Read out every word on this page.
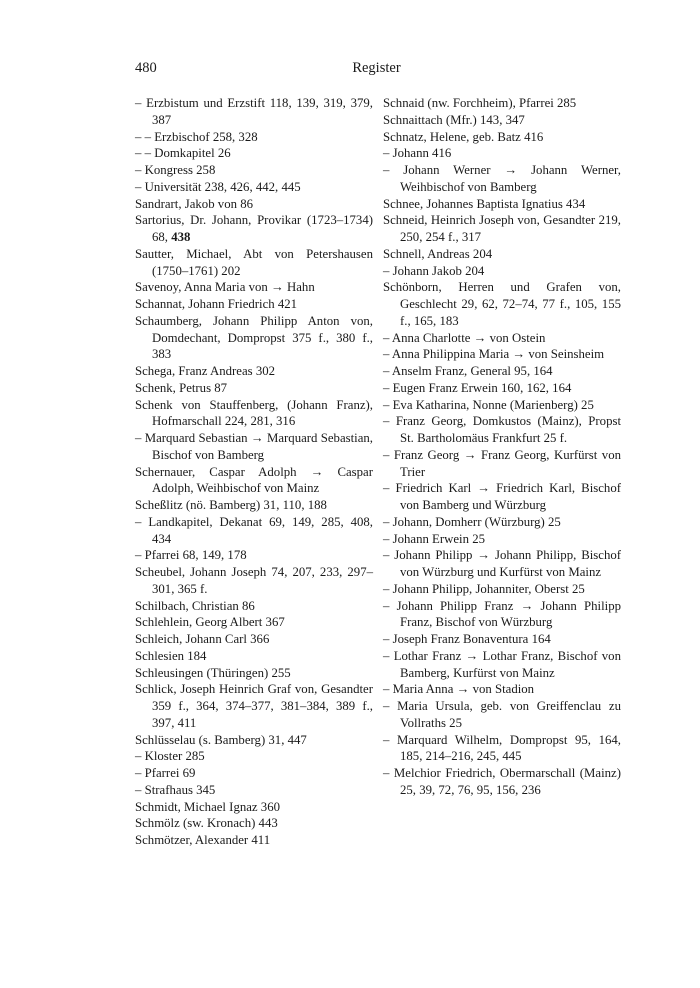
480	Register
– Erzbistum und Erzstift 118, 139, 319, 379, 387
– – Erzbischof 258, 328
– – Domkapitel 26
– Kongress 258
– Universität 238, 426, 442, 445
Sandrart, Jakob von 86
Sartorius, Dr. Johann, Provikar (1723–1734) 68, 438
Sautter, Michael, Abt von Petershausen (1750–1761) 202
Savenoy, Anna Maria von → Hahn
Schannat, Johann Friedrich 421
Schaumberg, Johann Philipp Anton von, Domdechant, Dompropst 375 f., 380 f., 383
Schega, Franz Andreas 302
Schenk, Petrus 87
Schenk von Stauffenberg, (Johann Franz), Hofmarschall 224, 281, 316
– Marquard Sebastian → Marquard Sebastian, Bischof von Bamberg
Schernauer, Caspar Adolph → Caspar Adolph, Weihbischof von Mainz
Scheßlitz (nö. Bamberg) 31, 110, 188
– Landkapitel, Dekanat 69, 149, 285, 408, 434
– Pfarrei 68, 149, 178
Scheubel, Johann Joseph 74, 207, 233, 297–301, 365 f.
Schilbach, Christian 86
Schlehlein, Georg Albert 367
Schleich, Johann Carl 366
Schlesien 184
Schleusingen (Thüringen) 255
Schlick, Joseph Heinrich Graf von, Gesandter 359 f., 364, 374–377, 381–384, 389 f., 397, 411
Schlüsselau (s. Bamberg) 31, 447
– Kloster 285
– Pfarrei 69
– Strafhaus 345
Schmidt, Michael Ignaz 360
Schmölz (sw. Kronach) 443
Schmötzer, Alexander 411
Schnaid (nw. Forchheim), Pfarrei 285
Schnaittach (Mfr.) 143, 347
Schnatz, Helene, geb. Batz 416
– Johann 416
– Johann Werner → Johann Werner, Weihbischof von Bamberg
Schnee, Johannes Baptista Ignatius 434
Schneid, Heinrich Joseph von, Gesandter 219, 250, 254 f., 317
Schnell, Andreas 204
– Johann Jakob 204
Schönborn, Herren und Grafen von, Geschlecht 29, 62, 72–74, 77 f., 105, 155 f., 165, 183
– Anna Charlotte → von Ostein
– Anna Philippina Maria → von Seinsheim
– Anselm Franz, General 95, 164
– Eugen Franz Erwein 160, 162, 164
– Eva Katharina, Nonne (Marienberg) 25
– Franz Georg, Domkustos (Mainz), Propst St. Bartholomäus Frankfurt 25 f.
– Franz Georg → Franz Georg, Kurfürst von Trier
– Friedrich Karl → Friedrich Karl, Bischof von Bamberg und Würzburg
– Johann, Domherr (Würzburg) 25
– Johann Erwein 25
– Johann Philipp → Johann Philipp, Bischof von Würzburg und Kurfürst von Mainz
– Johann Philipp, Johanniter, Oberst 25
– Johann Philipp Franz → Johann Philipp Franz, Bischof von Würzburg
– Joseph Franz Bonaventura 164
– Lothar Franz → Lothar Franz, Bischof von Bamberg, Kurfürst von Mainz
– Maria Anna → von Stadion
– Maria Ursula, geb. von Greiffenclau zu Vollraths 25
– Marquard Wilhelm, Dompropst 95, 164, 185, 214–216, 245, 445
– Melchior Friedrich, Obermarschall (Mainz) 25, 39, 72, 76, 95, 156, 236
